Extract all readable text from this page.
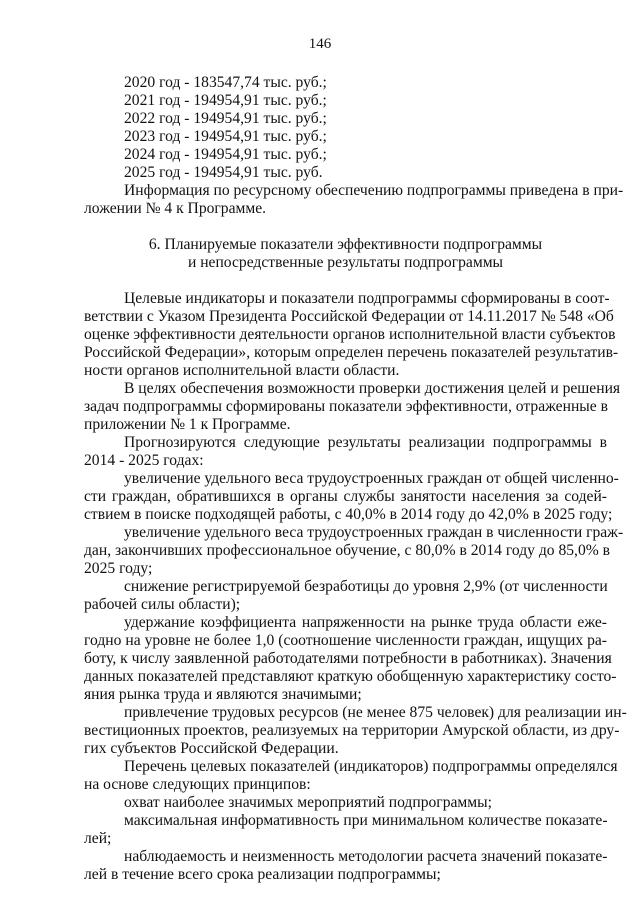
146

2020 год - 183547,74 тыс. руб.;

2021 год - 194954,91 тыс. руб.;

2022 год - 194954,91 тыс. руб.;

2023 год - 194954,91 тыс. руб.;

2024 год - 194954,91 тыс. руб.;

2025 год - 194954,91 тыс. руб.

Информация по ресурсному обеспечению подпрограммы приведена в при-

ложении № 4 к Программе.

6. Планируемые показатели эффективности подпрограммы

и непосредственные результаты подпрограммы

Целевые индикаторы и показатели подпрограммы сформированы в соот-

ветствии с Указом Президента Российской Федерации от 14.11.2017 № 548 «Об

оценке эффективности деятельности органов исполнительной власти субъектов

Российской Федерации», которым определен перечень показателей результатив-

ности органов исполнительной власти области.

В целях обеспечения возможности проверки достижения целей и решения

задач подпрограммы сформированы показатели эффективности, отраженные в

приложении № 1 к Программе.

Прогнозируются следующие результаты реализации подпрограммы в

2014 - 2025 годах:

увеличение удельного веса трудоустроенных граждан от общей численно-

сти граждан, обратившихся в органы службы занятости населения за содей-

ствием в поиске подходящей работы, с 40,0% в 2014 году до 42,0% в 2025 году;

увеличение удельного веса трудоустроенных граждан в численности граж-

дан, закончивших профессиональное обучение, с 80,0% в 2014 году до 85,0% в

2025 году;

снижение регистрируемой безработицы до уровня 2,9% (от численности

рабочей силы области);

удержание коэффициента напряженности на рынке труда области еже-

годно на уровне не более 1,0 (соотношение численности граждан, ищущих ра-

боту, к числу заявленной работодателями потребности в работниках). Значения

данных показателей представляют краткую обобщенную характеристику состо-

яния рынка труда и являются значимыми;

привлечение трудовых ресурсов (не менее 875 человек) для реализации ин-

вестиционных проектов, реализуемых на территории Амурской области, из дру-

гих субъектов Российской Федерации.

Перечень целевых показателей (индикаторов) подпрограммы определялся

на основе следующих принципов:

охват наиболее значимых мероприятий подпрограммы;

максимальная информативность при минимальном количестве показате-

лей;

наблюдаемость и неизменность методологии расчета значений показате-

лей в течение всего срока реализации подпрограммы;
